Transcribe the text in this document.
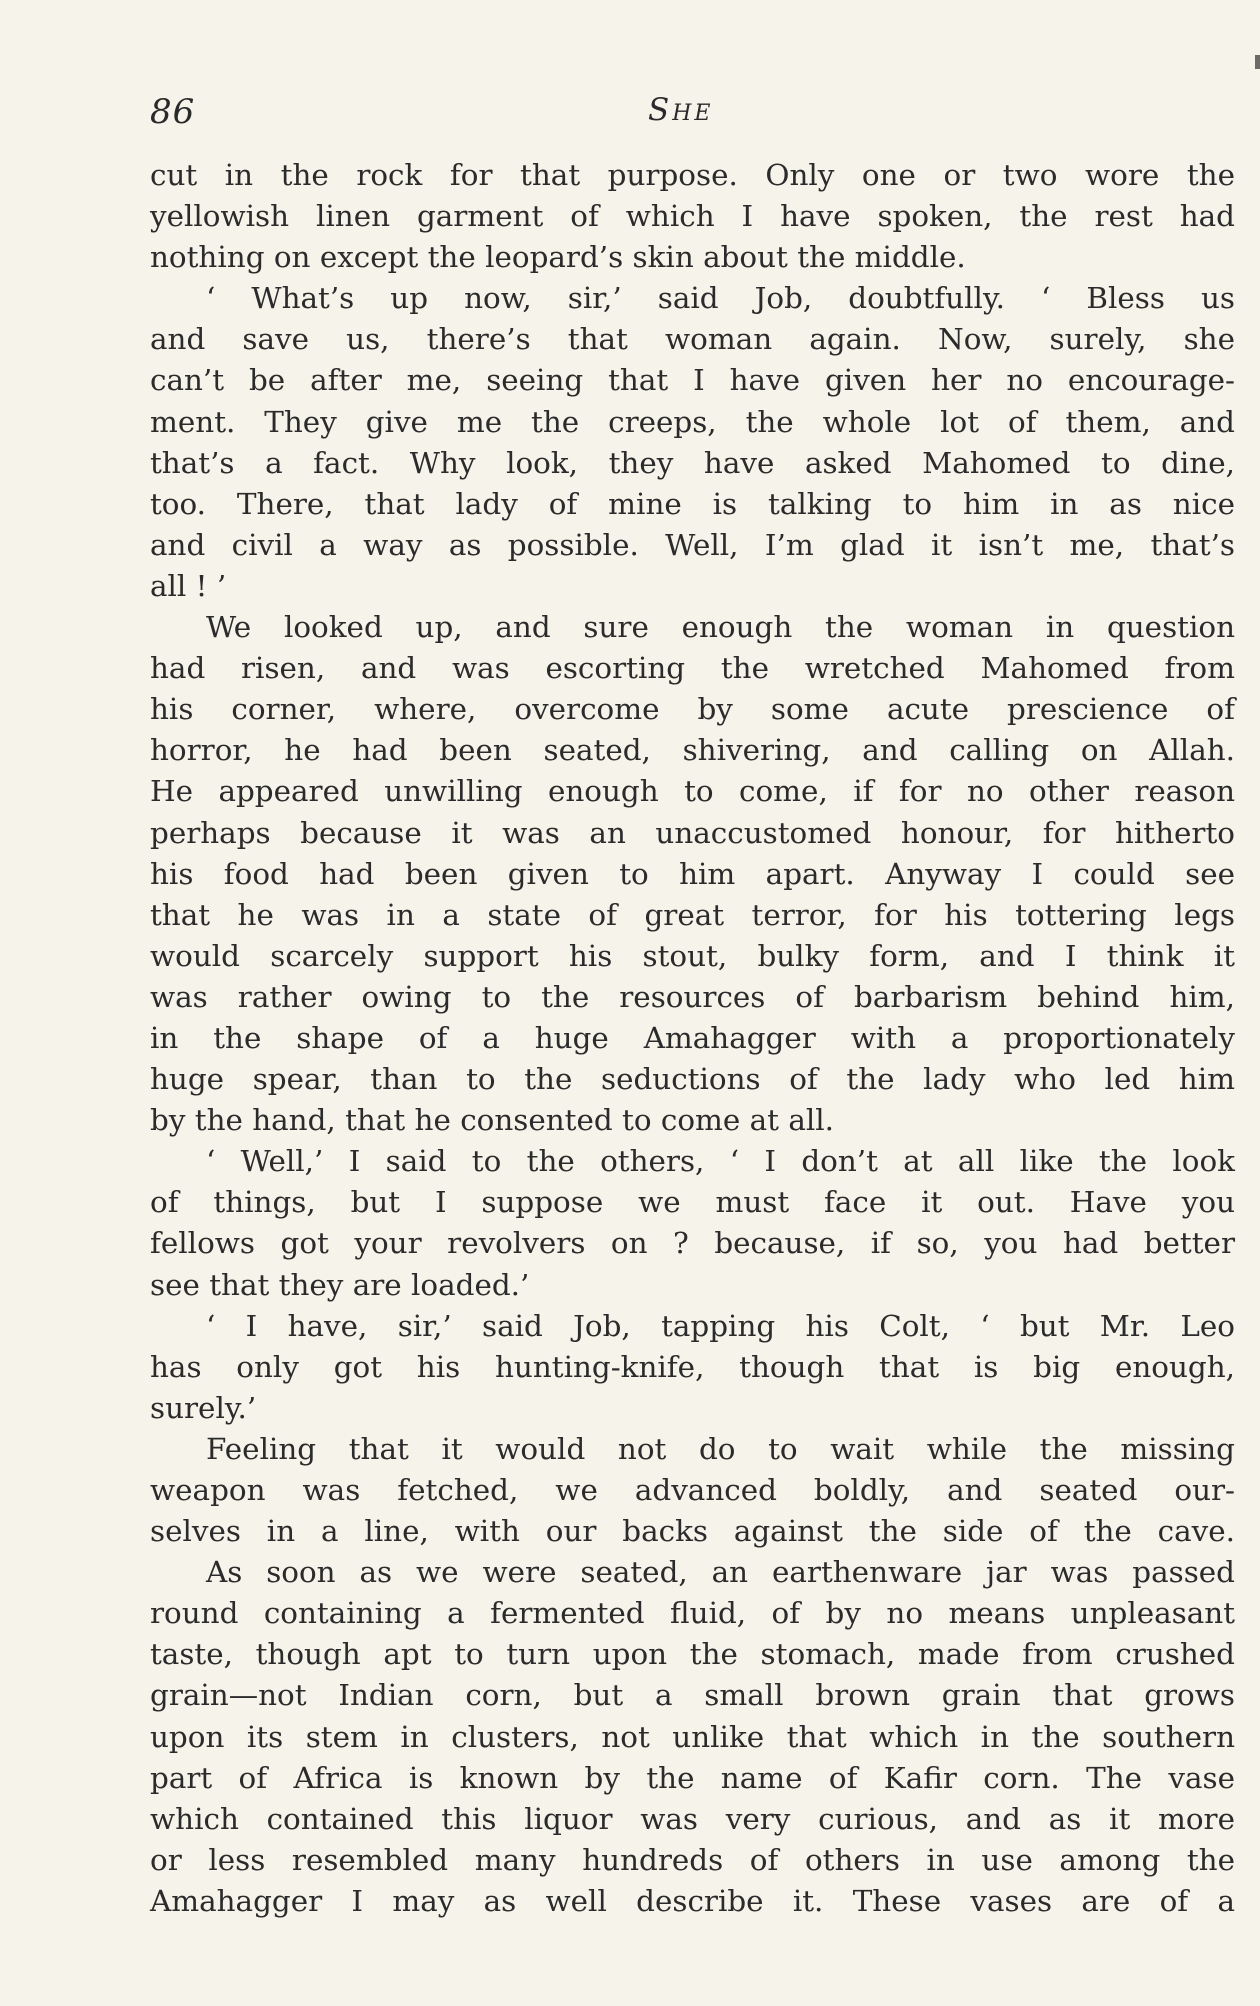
86	She
cut in the rock for that purpose. Only one or two wore the
yellowish linen garment of which I have spoken, the rest had
nothing on except the leopard’s skin about the middle.
‘ What’s up now, sir,’ said Job, doubtfully. ‘ Bless us
and save us, there’s that woman again. Now, surely, she
can’t be after me, seeing that I have given her no encourage-
ment. They give me the creeps, the whole lot of them, and
that’s a fact. Why look, they have asked Mahomed to dine,
too. There, that lady of mine is talking to him in as nice
and civil a way as possible. Well, I’m glad it isn’t me, that’s
all ! ’
We looked up, and sure enough the woman in question
had risen, and was escorting the wretched Mahomed from
his corner, where, overcome by some acute prescience of
horror, he had been seated, shivering, and calling on Allah.
He appeared unwilling enough to come, if for no other reason
perhaps because it was an unaccustomed honour, for hitherto
his food had been given to him apart. Anyway I could see
that he was in a state of great terror, for his tottering legs
would scarcely support his stout, bulky form, and I think it
was rather owing to the resources of barbarism behind him,
in the shape of a huge Amahagger with a proportionately
huge spear, than to the seductions of the lady who led him
by the hand, that he consented to come at all.
‘ Well,’ I said to the others, ‘ I don’t at all like the look
of things, but I suppose we must face it out. Have you
fellows got your revolvers on ? because, if so, you had better
see that they are loaded.’
‘ I have, sir,’ said Job, tapping his Colt, ‘ but Mr. Leo
has only got his hunting-knife, though that is big enough,
surely.’
Feeling that it would not do to wait while the missing
weapon was fetched, we advanced boldly, and seated our-
selves in a line, with our backs against the side of the cave.
As soon as we were seated, an earthenware jar was passed
round containing a fermented fluid, of by no means unpleasant
taste, though apt to turn upon the stomach, made from crushed
grain—not Indian corn, but a small brown grain that grows
upon its stem in clusters, not unlike that which in the southern
part of Africa is known by the name of Kafir corn. The vase
which contained this liquor was very curious, and as it more
or less resembled many hundreds of others in use among the
Amahagger I may as well describe it. These vases are of a
